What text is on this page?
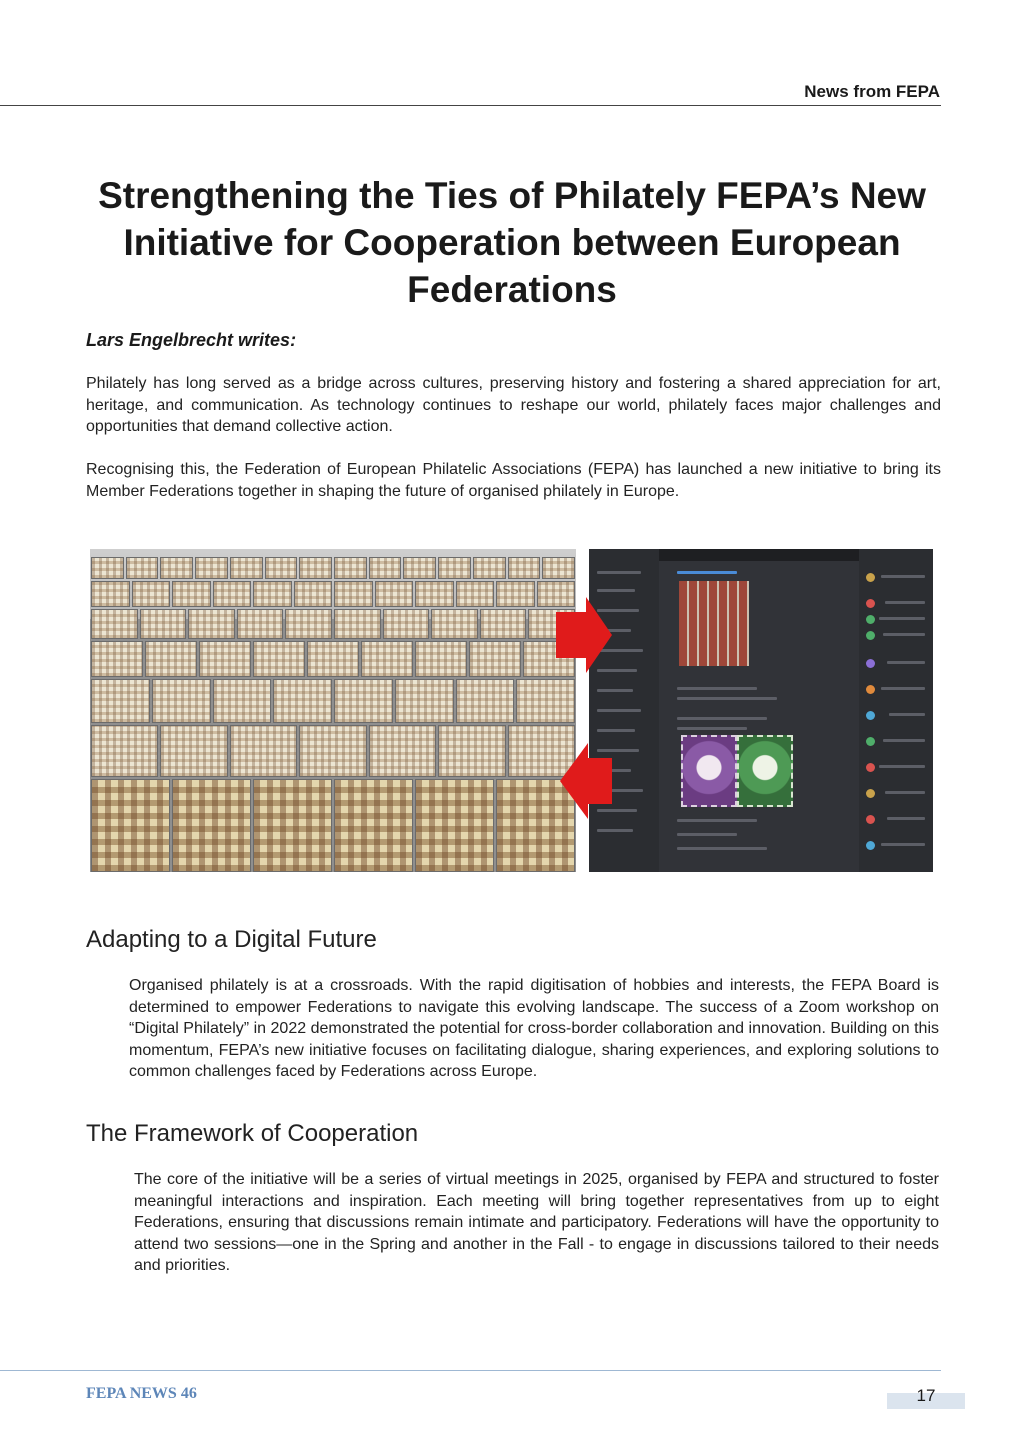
News from FEPA
Strengthening the Ties of Philately FEPA’s New Initiative for Cooperation between European Federations
Lars Engelbrecht writes:

Philately has long served as a bridge across cultures, preserving history and fostering a shared appreciation for art, heritage, and communication. As technology continues to reshape our world, philately faces major challenges and opportunities that demand collective action.

Recognising this, the Federation of European Philatelic Associations (FEPA) has launched a new initiative to bring its Member Federations together in shaping the future of organised philately in Europe.

Adapting to a Digital Future

Organised philately is at a crossroads. With the rapid digitisation of hobbies and interests, the FEPA Board is determined to empower Federations to navigate this evolving landscape. The success of a Zoom workshop on “Digital Philately” in 2022 demonstrated the potential for cross-border collaboration and innovation. Building on this momentum, FEPA’s new initiative focuses on facilitating dialogue, sharing experiences, and exploring solutions to common challenges faced by Federations across Europe.

The Framework of Cooperation

The core of the initiative will be a series of virtual meetings in 2025, organised by FEPA and structured to foster meaningful interactions and inspiration. Each meeting will bring together representatives from up to eight Federations, ensuring that discussions remain intimate and participatory. Federations will have the opportunity to attend two sessions—one in the Spring and another in the Fall - to engage in discussions tailored to their needs and priorities.

FEPA NEWS 46	17
